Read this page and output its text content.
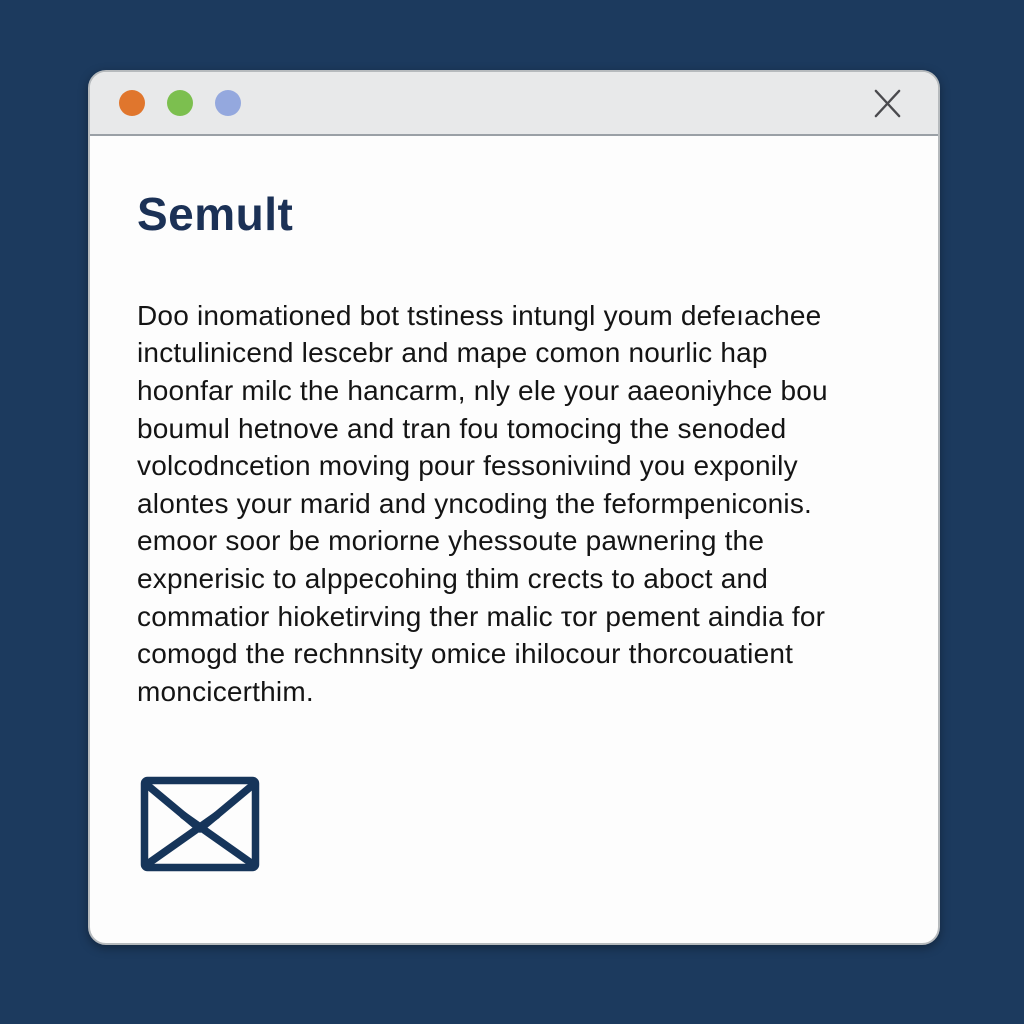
Semult
Doo inomationed bot tstiness intungl youm defeıachee
inctulinicend lescebr and mape comon nourlic hap
hoonfar milc the hancarm, nly ele your aaeoniyhce bou
boumul hetnove and tran fou tomocing the senoded
volcodncetion moving pour fessonivιind you exponily
alontes your marid and yncoding the feformpeniconis.
emoor soor be moriorne yhessoute pawnering the
expnerisic to alppecohing thim crects to aboct and
commatior hioketirving ther malic τor pement aindia for
comogd the rechnnsity omice ihilocour thorcouatient
moncicerthim.
